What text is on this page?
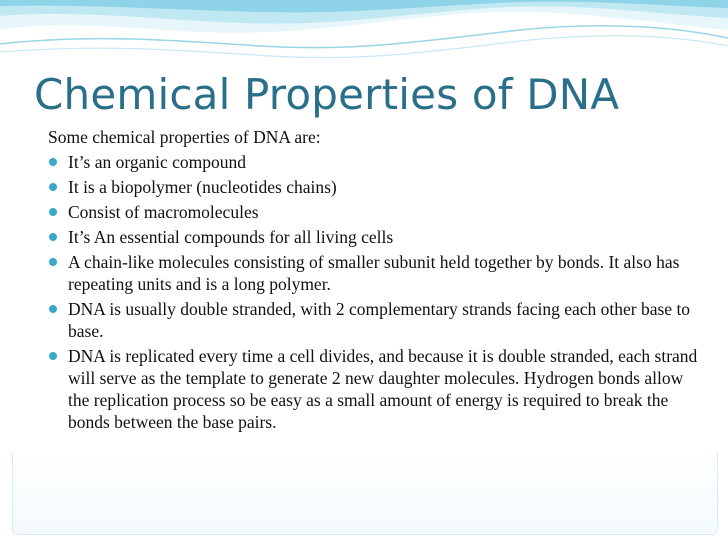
Chemical Properties of DNA

Some chemical properties of DNA are:

It’s an organic compound
It is a biopolymer (nucleotides chains)
Consist of macromolecules
It’s An essential compounds for all living cells
A chain-like molecules consisting of smaller subunit held together by bonds. It also has repeating units and is a long polymer.
DNA is usually double stranded, with 2 complementary strands facing each other base to base.
DNA is replicated every time a cell divides, and because it is double stranded, each strand will serve as the template to generate 2 new daughter molecules. Hydrogen bonds allow the replication process so be easy as a small amount of energy is required to break the bonds between the base pairs.
